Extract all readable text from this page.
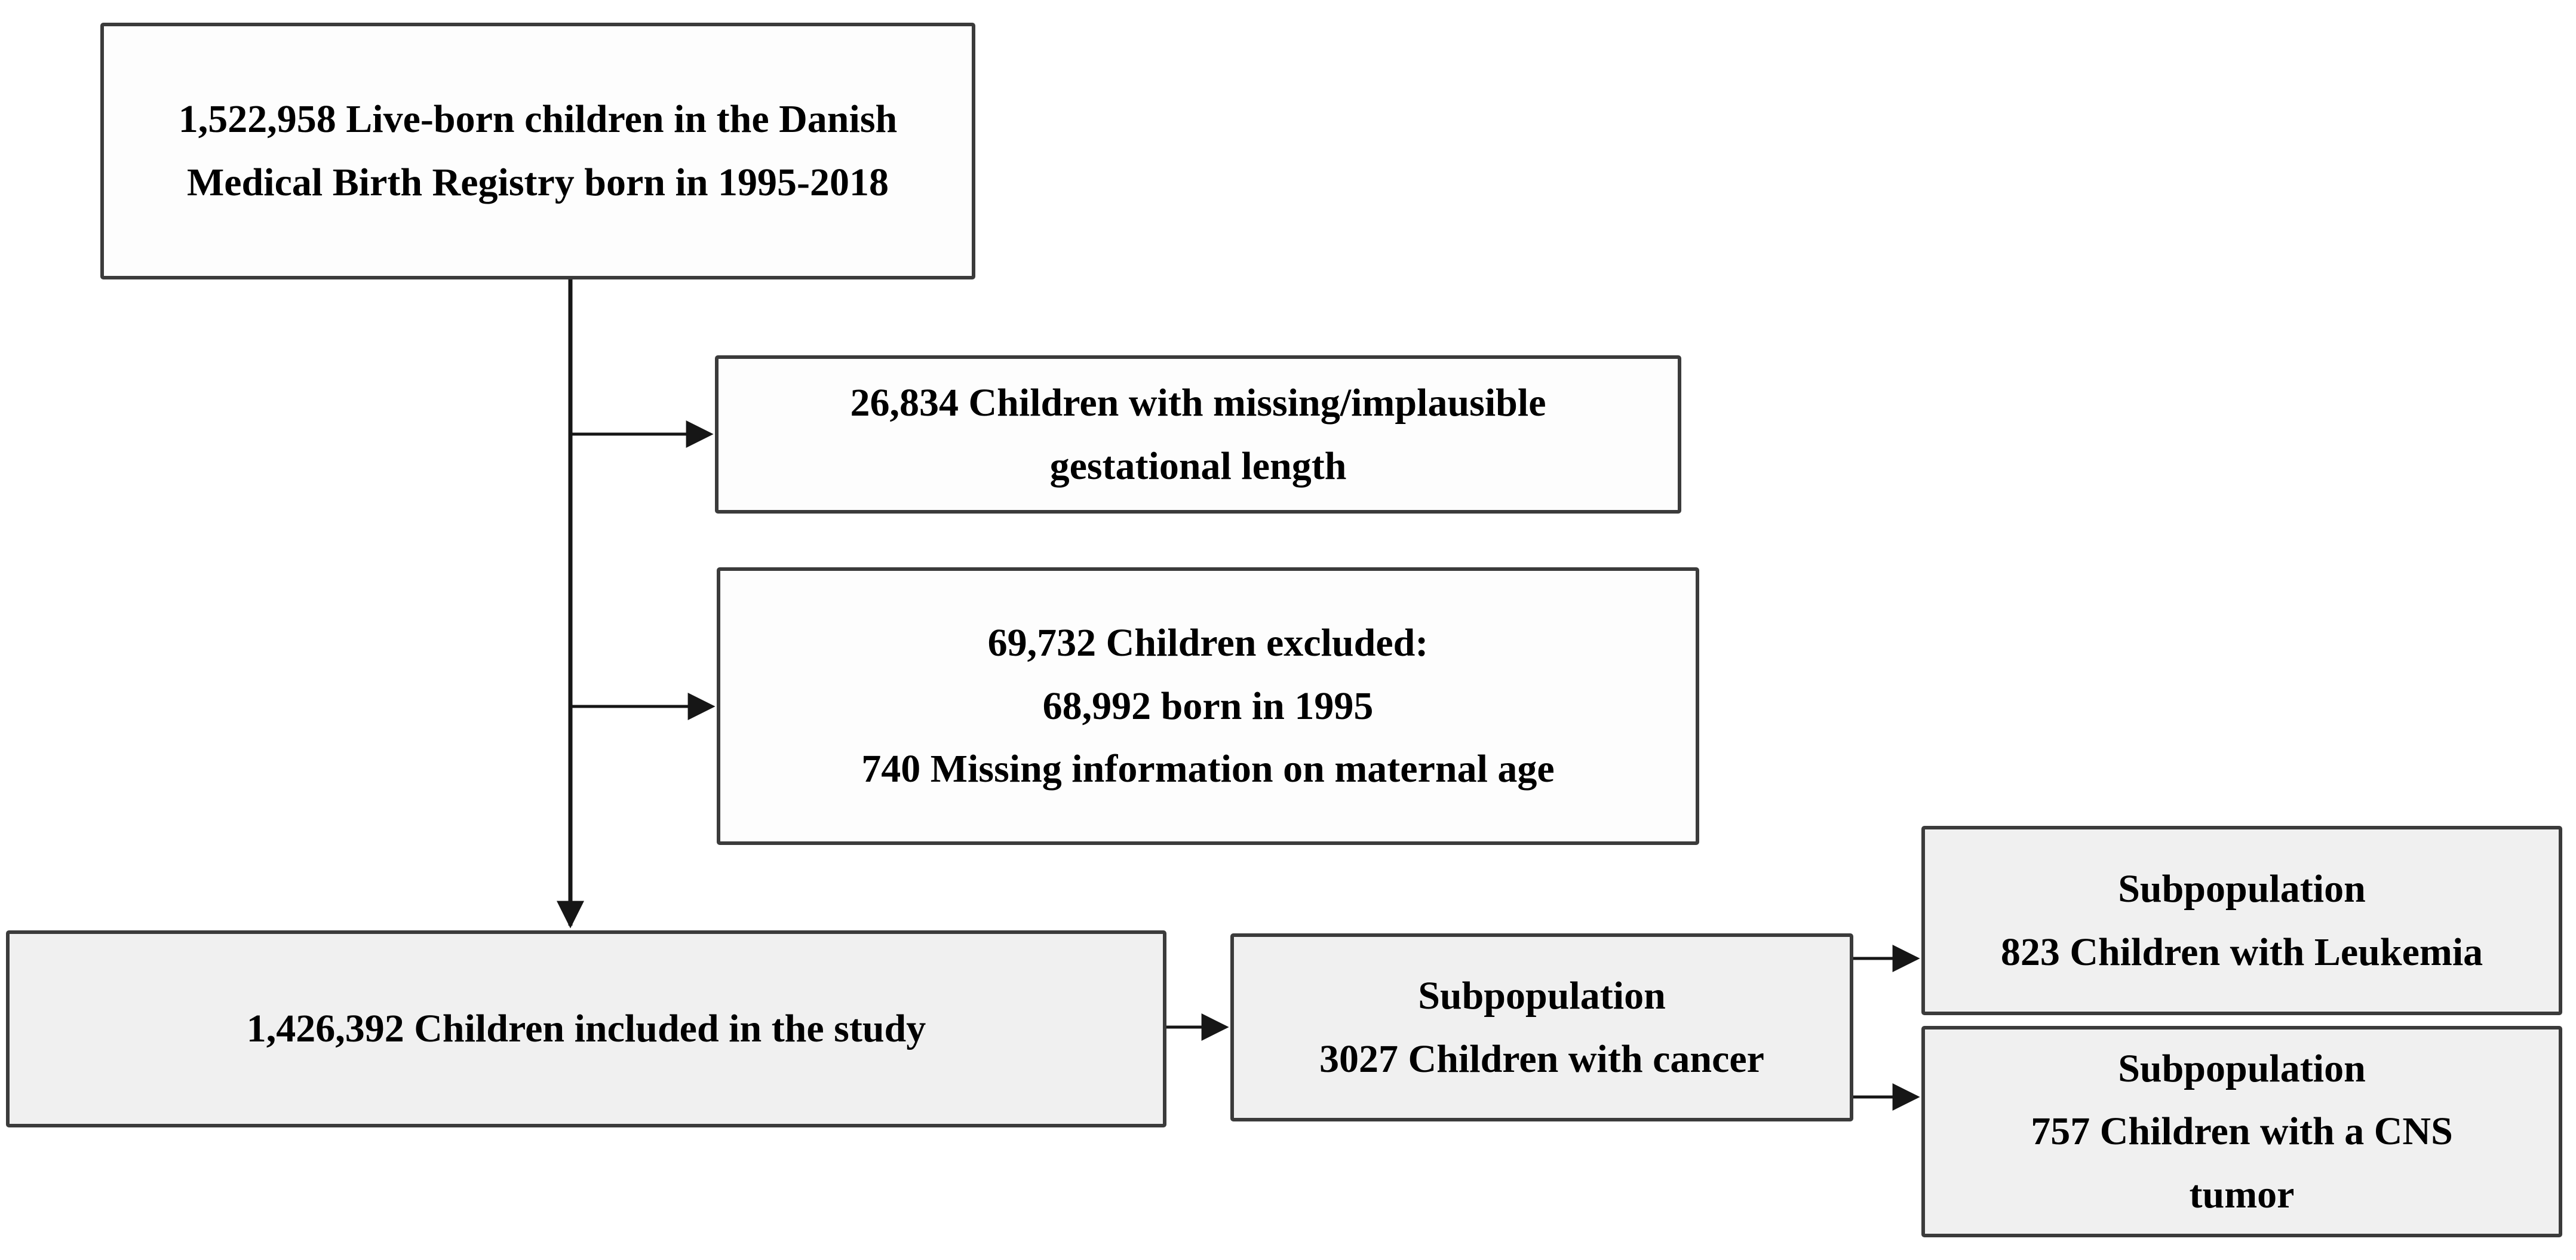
1,522,958 Live-born children in the Danish
Medical Birth Registry born in 1995-2018
26,834 Children with missing/implausible
gestational length
69,732 Children excluded:
68,992 born in 1995
740 Missing information on maternal age
1,426,392 Children included in the study
Subpopulation
3027 Children with cancer
Subpopulation
823 Children with Leukemia
Subpopulation
757 Children with a CNS
tumor
